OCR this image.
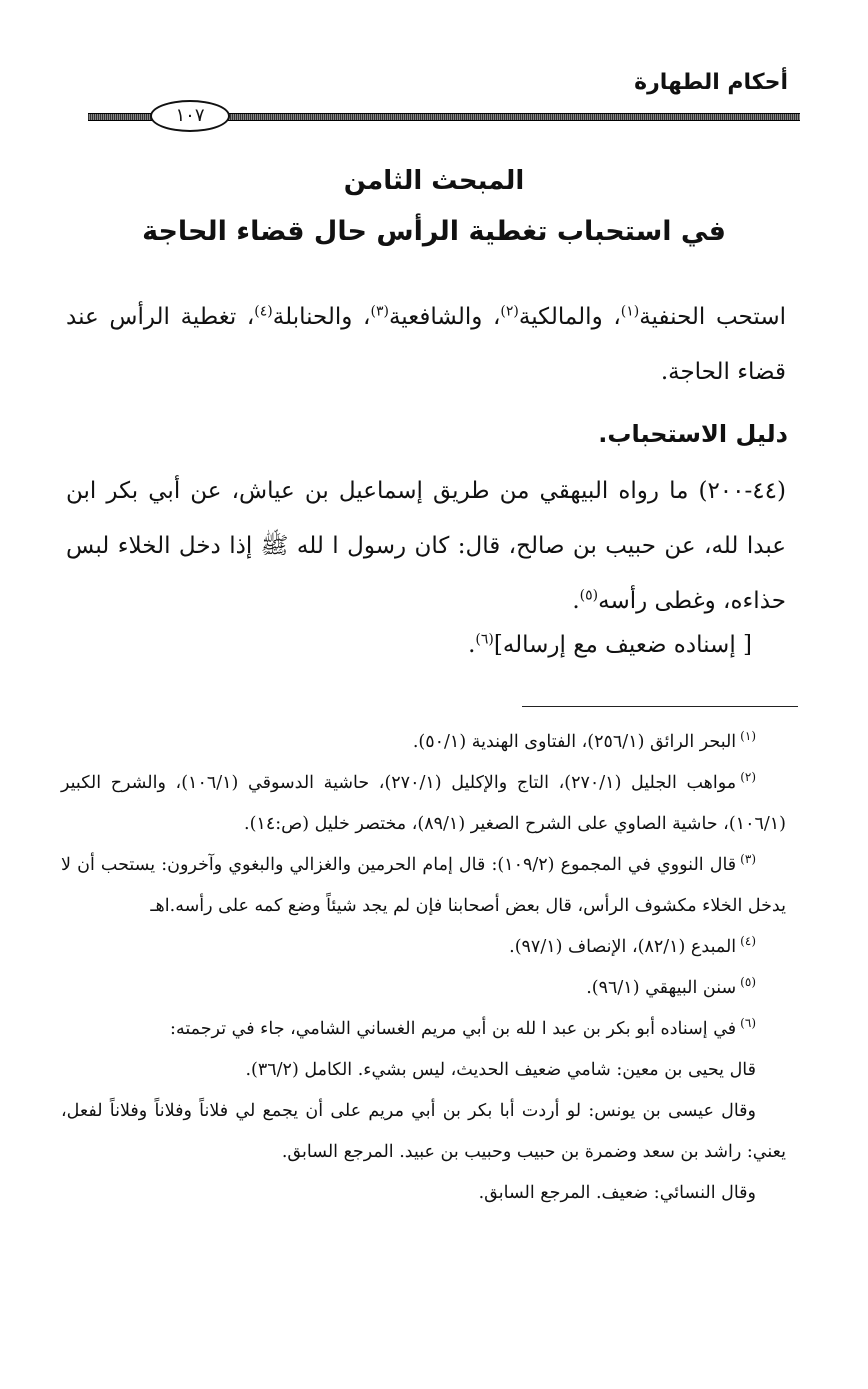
أحكام الطهارة
١٠٧
المبحث الثامن
في استحباب تغطية الرأس حال قضاء الحاجة
استحب الحنفية$^{(١)}$، والمالكية$^{(٢)}$، والشافعية$^{(٣)}$، والحنابلة$^{(٤)}$، تغطية الرأس عند قضاء الحاجة.
دليل الاستحباب.
(٤٤-٢٠٠) ما رواه البيهقي من طريق إسماعيل بن عياش، عن أبي بكر ابن عبدا لله، عن حبيب بن صالح، قال: كان رسول ا لله ﷺ إذا دخل الخلاء لبس حذاءه، وغطى رأسه$^{(٥)}$.
[ إسناده ضعيف مع إرساله]$^{(٦)}$.

$^{(١)}$البحر الرائق (٢٥٦/١)، الفتاوى الهندية (٥٠/١).

$^{(٢)}$مواهب الجليل (٢٧٠/١)، التاج والإكليل (٢٧٠/١)، حاشية الدسوقي (١٠٦/١)، والشرح الكبير (١٠٦/١)، حاشية الصاوي على الشرح الصغير (٨٩/١)، مختصر خليل (ص:١٤).

$^{(٣)}$قال النووي في المجموع (١٠٩/٢): قال إمام الحرمين والغزالي والبغوي وآخرون: يستحب أن لا يدخل الخلاء مكشوف الرأس، قال بعض أصحابنا فإن لم يجد شيئاً وضع كمه على رأسه.اهـ

$^{(٤)}$المبدع (٨٢/١)، الإنصاف (٩٧/١).

$^{(٥)}$سنن البيهقي (٩٦/١).

$^{(٦)}$في إسناده أبو بكر بن عبد ا لله بن أبي مريم الغساني الشامي، جاء في ترجمته:

قال يحيى بن معين: شامي ضعيف الحديث، ليس بشيء. الكامل (٣٦/٢).

وقال عيسى بن يونس: لو أردت أبا بكر بن أبي مريم على أن يجمع لي فلاناً وفلاناً وفلاناً لفعل، يعني: راشد بن سعد وضمرة بن حبيب وحبيب بن عبيد. المرجع السابق.

وقال النسائي: ضعيف. المرجع السابق.
